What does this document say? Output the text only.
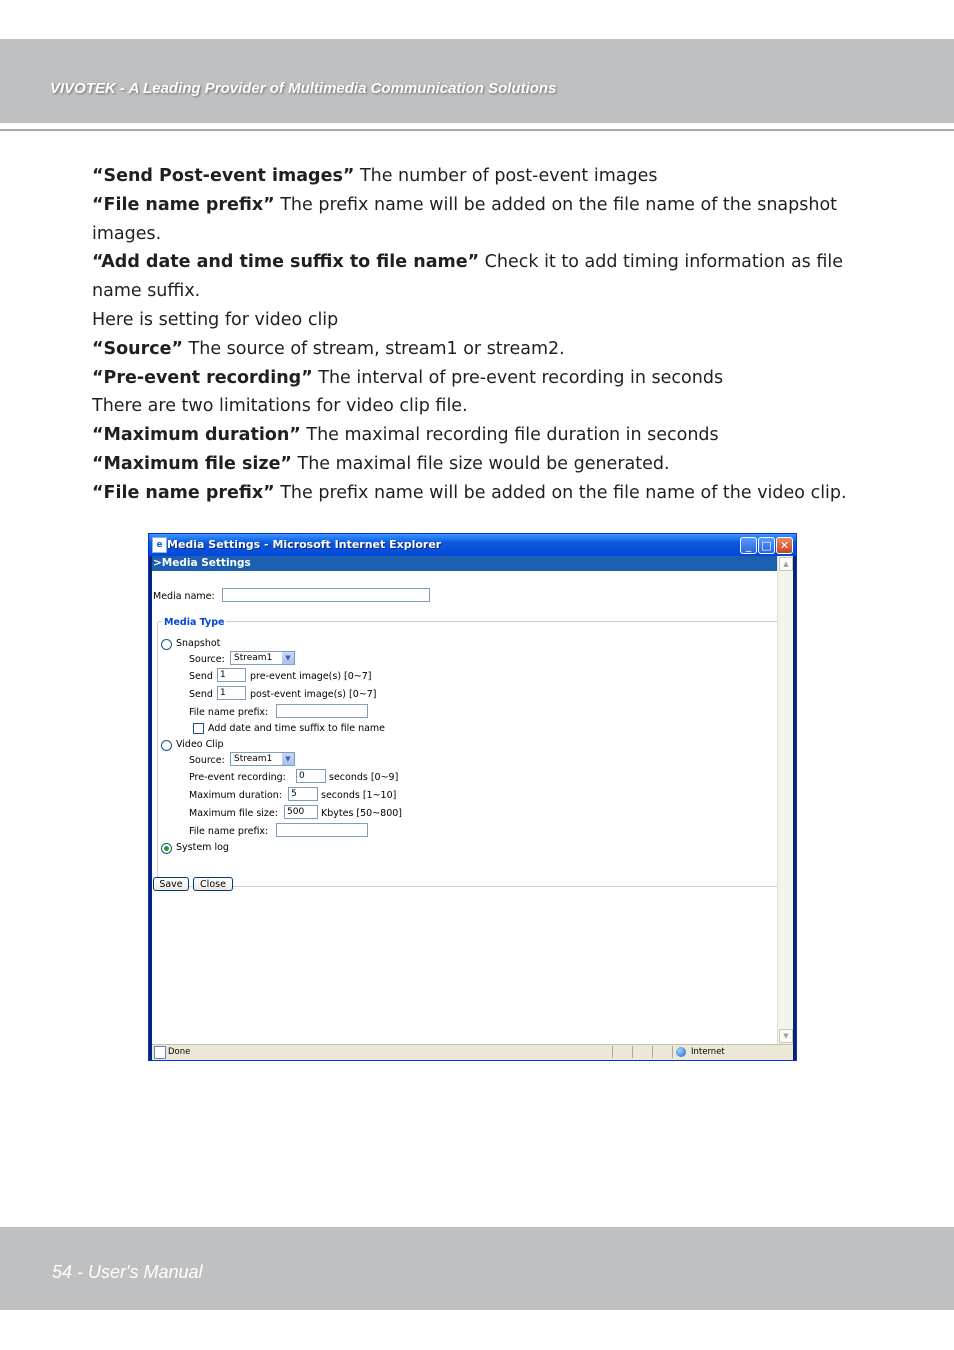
VIVOTEK - A Leading Provider of Multimedia Communication Solutions

“Send Post-event images” The number of post-event images

“File name prefix” The prefix name will be added on the file name of the snapshot images.

“Add date and time suffix to file name” Check it to add timing information as file name suffix.

Here is setting for video clip

“Source” The source of stream, stream1 or stream2.

“Pre-event recording” The interval of pre-event recording in seconds

There are two limitations for video clip file.

“Maximum duration” The maximal recording file duration in seconds

“Maximum file size” The maximal file size would be generated.

“File name prefix” The prefix name will be added on the file name of the video clip.

e Media Settings - Microsoft Internet Explorer	_ □ ✕
>Media Settings
Media name:
Media Type
Snapshot
Source:	Stream1	▼
Send 1	pre-event image(s) [0~7]
Send 1	post-event image(s) [0~7]
File name prefix:
Add date and time suffix to file name
Video Clip
Source:	Stream1	▼
Pre-event recording:	0	seconds [0~9]
Maximum duration: 5	seconds [1~10]
Maximum file size:	500	Kbytes [50~800]
File name prefix:
System log
Save	Close
▲
▼
Done	Internet
54 - User's Manual
